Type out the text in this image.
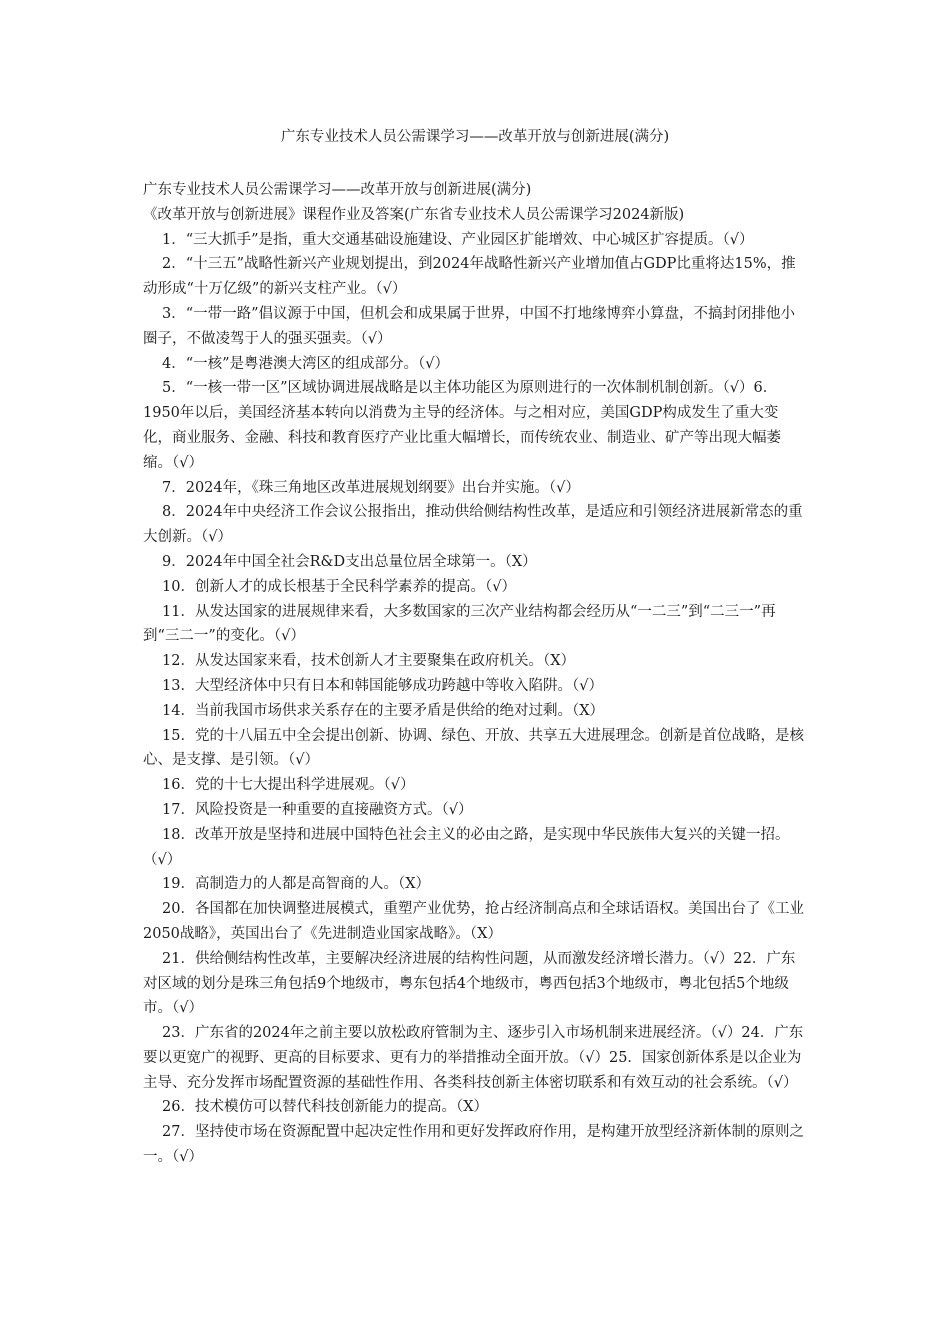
广东专业技术人员公需课学习——改革开放与创新进展(满分)

广东专业技术人员公需课学习——改革开放与创新进展(满分)

《改革开放与创新进展》课程作业及答案(广东省专业技术人员公需课学习2024新版)

1．“三大抓手”是指，重大交通基础设施建设、产业园区扩能增效、中心城区扩容提质。（√）

2．“十三五”战略性新兴产业规划提出，到2024年战略性新兴产业增加值占GDP比重将达15%，推动形成“十万亿级”的新兴支柱产业。（√）

3．“一带一路”倡议源于中国，但机会和成果属于世界，中国不打地缘博弈小算盘，不搞封闭排他小圈子，不做凌驾于人的强买强卖。（√）

4．“一核”是粤港澳大湾区的组成部分。（√）

5．“一核一带一区”区域协调进展战略是以主体功能区为原则进行的一次体制机制创新。（√）6．1950年以后，美国经济基本转向以消费为主导的经济体。与之相对应，美国GDP构成发生了重大变化，商业服务、金融、科技和教育医疗产业比重大幅增长，而传统农业、制造业、矿产等出现大幅萎缩。（√）

7．2024年，《珠三角地区改革进展规划纲要》出台并实施。（√）

8．2024年中央经济工作会议公报指出，推动供给侧结构性改革，是适应和引领经济进展新常态的重大创新。（√）

9．2024年中国全社会R&D支出总量位居全球第一。（X）

10．创新人才的成长根基于全民科学素养的提高。（√）

11．从发达国家的进展规律来看，大多数国家的三次产业结构都会经历从“一二三”到“二三一”再到“三二一”的变化。（√）

12．从发达国家来看，技术创新人才主要聚集在政府机关。（X）

13．大型经济体中只有日本和韩国能够成功跨越中等收入陷阱。（√）

14．当前我国市场供求关系存在的主要矛盾是供给的绝对过剩。（X）

15．党的十八届五中全会提出创新、协调、绿色、开放、共享五大进展理念。创新是首位战略，是核心、是支撑、是引领。（√）

16．党的十七大提出科学进展观。（√）

17．风险投资是一种重要的直接融资方式。（√）

18．改革开放是坚持和进展中国特色社会主义的必由之路，是实现中华民族伟大复兴的关键一招。（√）

19．高制造力的人都是高智商的人。（X）

20．各国都在加快调整进展模式，重塑产业优势，抢占经济制高点和全球话语权。美国出台了《工业2050战略》，英国出台了《先进制造业国家战略》。（X）

21．供给侧结构性改革，主要解决经济进展的结构性问题，从而激发经济增长潜力。（√）22．广东对区域的划分是珠三角包括9个地级市，粤东包括4个地级市，粤西包括3个地级市，粤北包括5个地级市。（√）

23．广东省的2024年之前主要以放松政府管制为主、逐步引入市场机制来进展经济。（√）24．广东要以更宽广的视野、更高的目标要求、更有力的举措推动全面开放。（√）25．国家创新体系是以企业为主导、充分发挥市场配置资源的基础性作用、各类科技创新主体密切联系和有效互动的社会系统。（√）

26．技术模仿可以替代科技创新能力的提高。（X）

27．坚持使市场在资源配置中起决定性作用和更好发挥政府作用，是构建开放型经济新体制的原则之一。（√）
